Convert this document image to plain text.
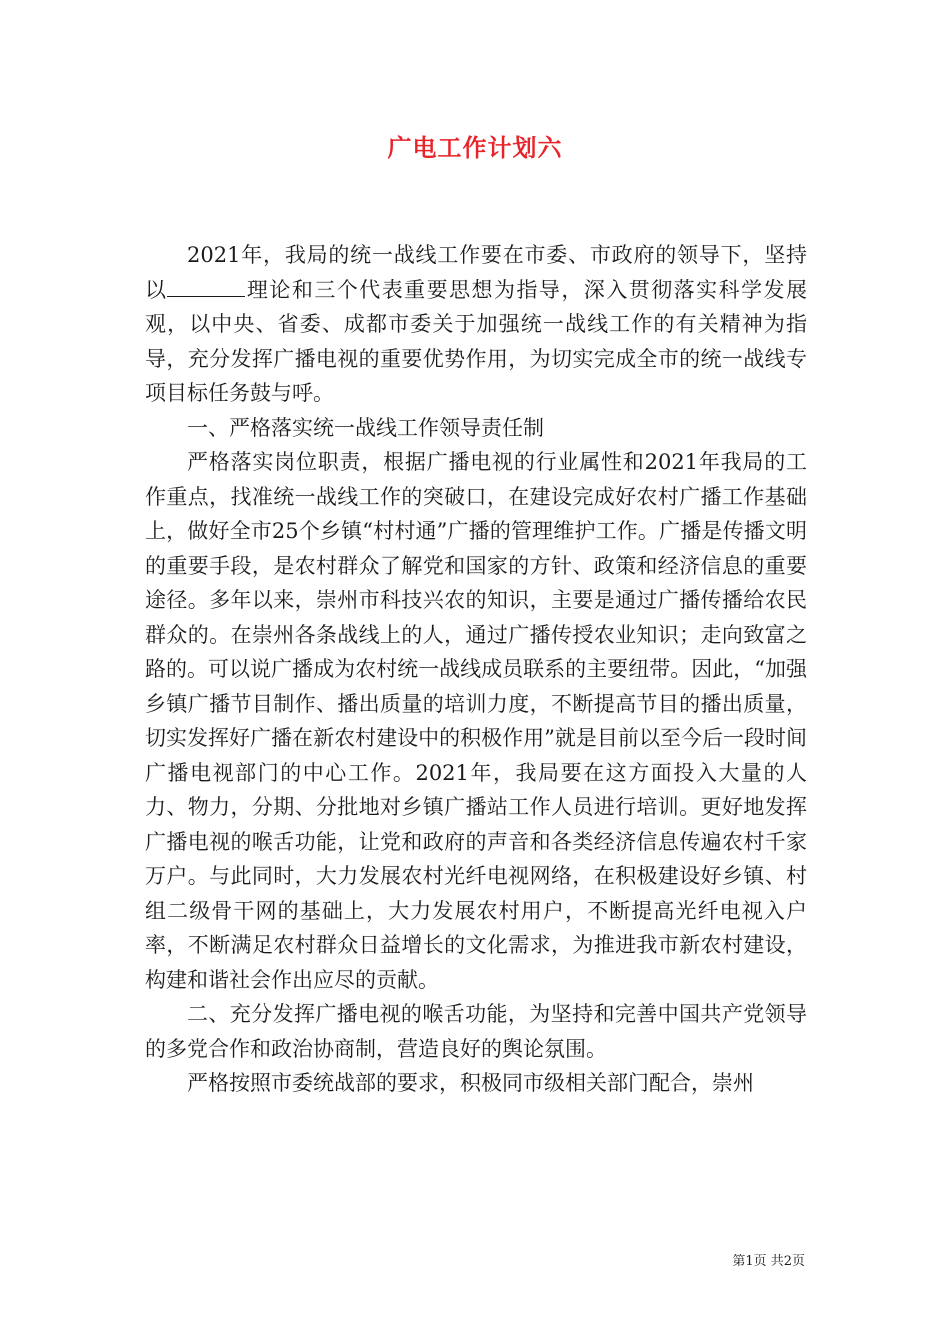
广电工作计划六

2021年，我局的统一战线工作要在市委、市政府的领导下，坚持以	理论和三个代表重要思想为指导，深入贯彻落实科学发展观，以中央、省委、成都市委关于加强统一战线工作的有关精神为指导，充分发挥广播电视的重要优势作用，为切实完成全市的统一战线专项目标任务鼓与呼。

一、严格落实统一战线工作领导责任制

严格落实岗位职责，根据广播电视的行业属性和2021年我局的工作重点，找准统一战线工作的突破口，在建设完成好农村广播工作基础上，做好全市25个乡镇“村村通”广播的管理维护工作。广播是传播文明的重要手段，是农村群众了解党和国家的方针、政策和经济信息的重要途径。多年以来，崇州市科技兴农的知识，主要是通过广播传播给农民群众的。在崇州各条战线上的人，通过广播传授农业知识；走向致富之路的。可以说广播成为农村统一战线成员联系的主要纽带。因此，“加强乡镇广播节目制作、播出质量的培训力度，不断提高节目的播出质量，切实发挥好广播在新农村建设中的积极作用”就是目前以至今后一段时间广播电视部门的中心工作。2021年，我局要在这方面投入大量的人力、物力，分期、分批地对乡镇广播站工作人员进行培训。更好地发挥广播电视的喉舌功能，让党和政府的声音和各类经济信息传遍农村千家万户。与此同时，大力发展农村光纤电视网络，在积极建设好乡镇、村组二级骨干网的基础上，大力发展农村用户，不断提高光纤电视入户率，不断满足农村群众日益增长的文化需求，为推进我市新农村建设，构建和谐社会作出应尽的贡献。

二、充分发挥广播电视的喉舌功能，为坚持和完善中国共产党领导的多党合作和政治协商制，营造良好的舆论氛围。

严格按照市委统战部的要求，积极同市级相关部门配合，崇州

第1页 共2页
